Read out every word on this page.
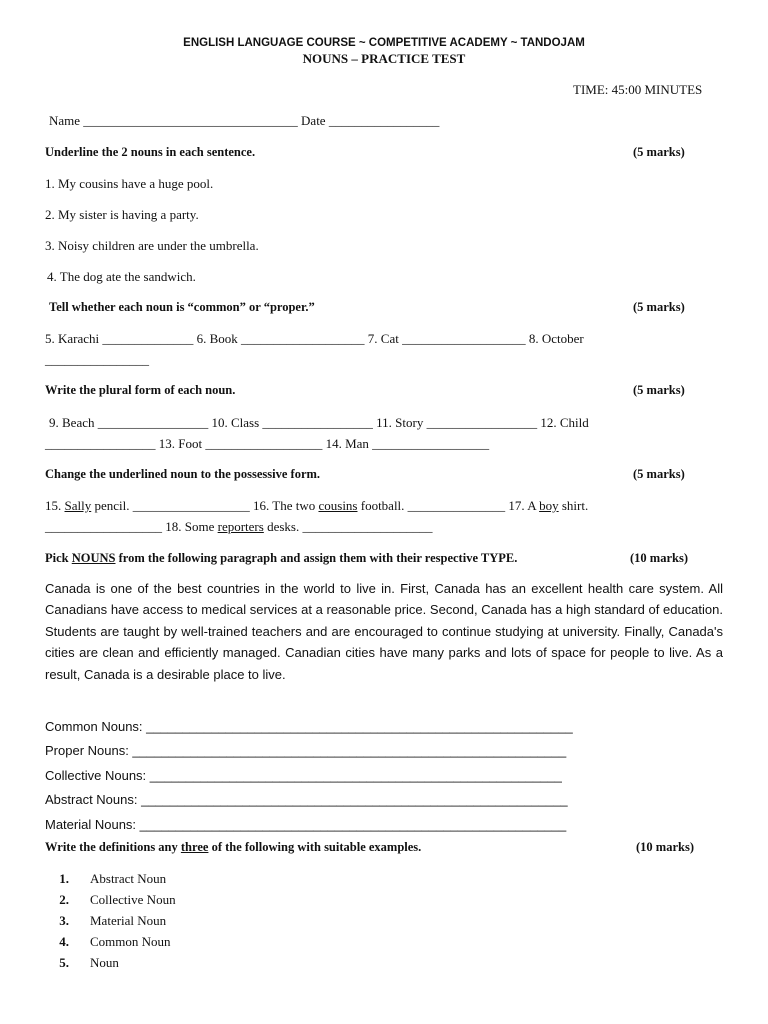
ENGLISH LANGUAGE COURSE ~ COMPETITIVE ACADEMY ~ TANDOJAM
NOUNS – PRACTICE TEST
TIME: 45:00 MINUTES
Name _________________________________ Date _________________
Underline the 2 nouns in each sentence.	(5 marks)
1. My cousins have a huge pool.
2. My sister is having a party.
3. Noisy children are under the umbrella.
4. The dog ate the sandwich.
Tell whether each noun is “common” or “proper.”	(5 marks)
5. Karachi ______________ 6. Book ___________________ 7. Cat ___________________ 8. October
________________
Write the plural form of each noun.	(5 marks)
9. Beach _________________ 10. Class _________________ 11. Story _________________ 12. Child
_________________ 13. Foot __________________ 14. Man __________________
Change the underlined noun to the possessive form.	(5 marks)
15. Sally pencil. __________________ 16. The two cousins football. _______________ 17. A boy shirt.
__________________ 18. Some reporters desks. ____________________
Pick NOUNS from the following paragraph and assign them with their respective TYPE.	(10 marks)
Canada is one of the best countries in the world to live in. First, Canada has an excellent health care system. All Canadians have access to medical services at a reasonable price. Second, Canada has a high standard of education. Students are taught by well-trained teachers and are encouraged to continue studying at university. Finally, Canada's cities are clean and efficiently managed. Canadian cities have many parks and lots of space for people to live. As a result, Canada is a desirable place to live.
Common Nouns: ___________________________________________________________
Proper Nouns: ____________________________________________________________
Collective Nouns: _________________________________________________________
Abstract Nouns: ___________________________________________________________
Material Nouns: ___________________________________________________________
Write the definitions any three of the following with suitable examples.	(10 marks)
1. Abstract Noun
2. Collective Noun
3. Material Noun
4. Common Noun
5. Noun
